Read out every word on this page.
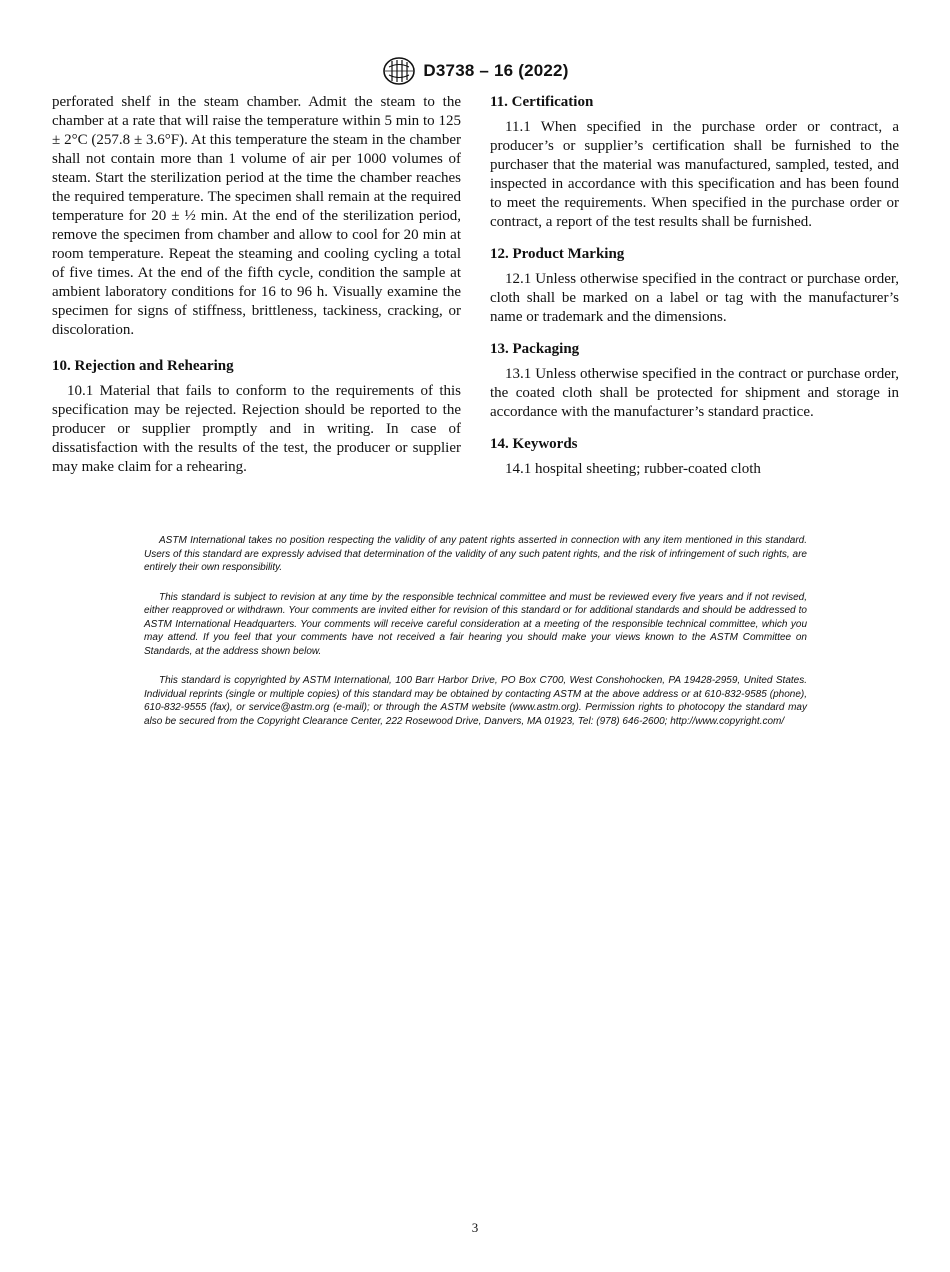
D3738 – 16 (2022)

perforated shelf in the steam chamber. Admit the steam to the chamber at a rate that will raise the temperature within 5 min to 125 ± 2°C (257.8 ± 3.6°F). At this temperature the steam in the chamber shall not contain more than 1 volume of air per 1000 volumes of steam. Start the sterilization period at the time the chamber reaches the required temperature. The specimen shall remain at the required temperature for 20 ± ½ min. At the end of the sterilization period, remove the specimen from chamber and allow to cool for 20 min at room temperature. Repeat the steaming and cooling cycling a total of five times. At the end of the fifth cycle, condition the sample at ambient laboratory conditions for 16 to 96 h. Visually examine the specimen for signs of stiffness, brittleness, tackiness, cracking, or discoloration.

10. Rejection and Rehearing

10.1 Material that fails to conform to the requirements of this specification may be rejected. Rejection should be reported to the producer or supplier promptly and in writing. In case of dissatisfaction with the results of the test, the producer or supplier may make claim for a rehearing.

11. Certification

11.1 When specified in the purchase order or contract, a producer’s or supplier’s certification shall be furnished to the purchaser that the material was manufactured, sampled, tested, and inspected in accordance with this specification and has been found to meet the requirements. When specified in the purchase order or contract, a report of the test results shall be furnished.

12. Product Marking

12.1 Unless otherwise specified in the contract or purchase order, cloth shall be marked on a label or tag with the manufacturer’s name or trademark and the dimensions.

13. Packaging

13.1 Unless otherwise specified in the contract or purchase order, the coated cloth shall be protected for shipment and storage in accordance with the manufacturer’s standard practice.

14. Keywords

14.1 hospital sheeting; rubber-coated cloth

ASTM International takes no position respecting the validity of any patent rights asserted in connection with any item mentioned in this standard. Users of this standard are expressly advised that determination of the validity of any such patent rights, and the risk of infringement of such rights, are entirely their own responsibility.

This standard is subject to revision at any time by the responsible technical committee and must be reviewed every five years and if not revised, either reapproved or withdrawn. Your comments are invited either for revision of this standard or for additional standards and should be addressed to ASTM International Headquarters. Your comments will receive careful consideration at a meeting of the responsible technical committee, which you may attend. If you feel that your comments have not received a fair hearing you should make your views known to the ASTM Committee on Standards, at the address shown below.

This standard is copyrighted by ASTM International, 100 Barr Harbor Drive, PO Box C700, West Conshohocken, PA 19428-2959, United States. Individual reprints (single or multiple copies) of this standard may be obtained by contacting ASTM at the above address or at 610-832-9585 (phone), 610-832-9555 (fax), or service@astm.org (e-mail); or through the ASTM website (www.astm.org). Permission rights to photocopy the standard may also be secured from the Copyright Clearance Center, 222 Rosewood Drive, Danvers, MA 01923, Tel: (978) 646-2600; http://www.copyright.com/

3
